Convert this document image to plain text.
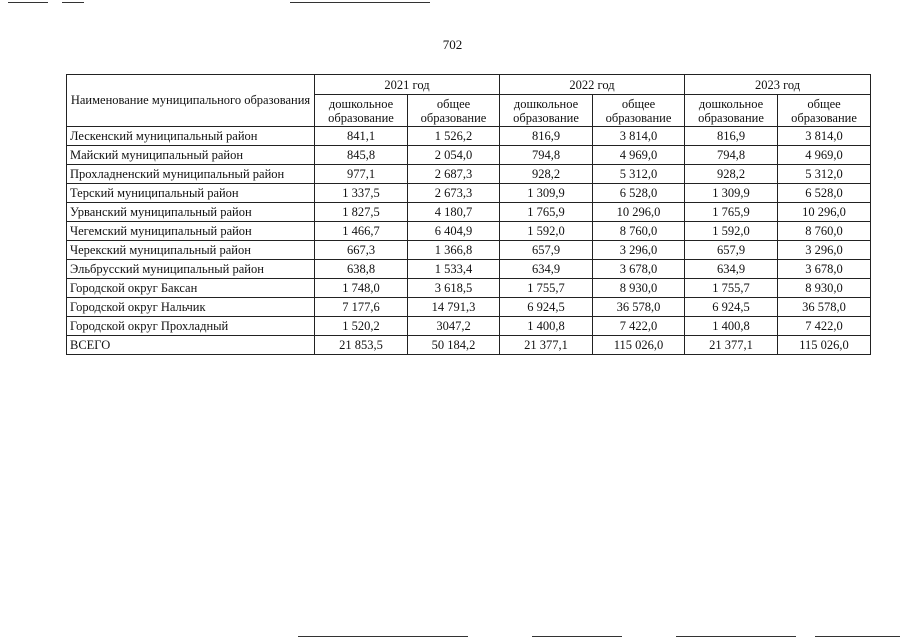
702
Наименование муниципального образования	2021 год		2022 год		2023 год	
	дошкольное образование	общее образование	дошкольное образование	общее образование	дошкольное образование	общее образование
Лескенский муниципальный район	841,1	1 526,2	816,9	3 814,0	816,9	3 814,0
Майский муниципальный район	845,8	2 054,0	794,8	4 969,0	794,8	4 969,0
Прохладненский муниципальный район	977,1	2 687,3	928,2	5 312,0	928,2	5 312,0
Терский муниципальный район	1 337,5	2 673,3	1 309,9	6 528,0	1 309,9	6 528,0
Урванский муниципальный район	1 827,5	4 180,7	1 765,9	10 296,0	1 765,9	10 296,0
Чегемский муниципальный район	1 466,7	6 404,9	1 592,0	8 760,0	1 592,0	8 760,0
Черекский муниципальный район	667,3	1 366,8	657,9	3 296,0	657,9	3 296,0
Эльбрусский муниципальный район	638,8	1 533,4	634,9	3 678,0	634,9	3 678,0
Городской округ Баксан	1 748,0	3 618,5	1 755,7	8 930,0	1 755,7	8 930,0
Городской округ Нальчик	7 177,6	14 791,3	6 924,5	36 578,0	6 924,5	36 578,0
Городской округ Прохладный	1 520,2	3047,2	1 400,8	7 422,0	1 400,8	7 422,0
ВСЕГО	21 853,5	50 184,2	21 377,1	115 026,0	21 377,1	115 026,0
